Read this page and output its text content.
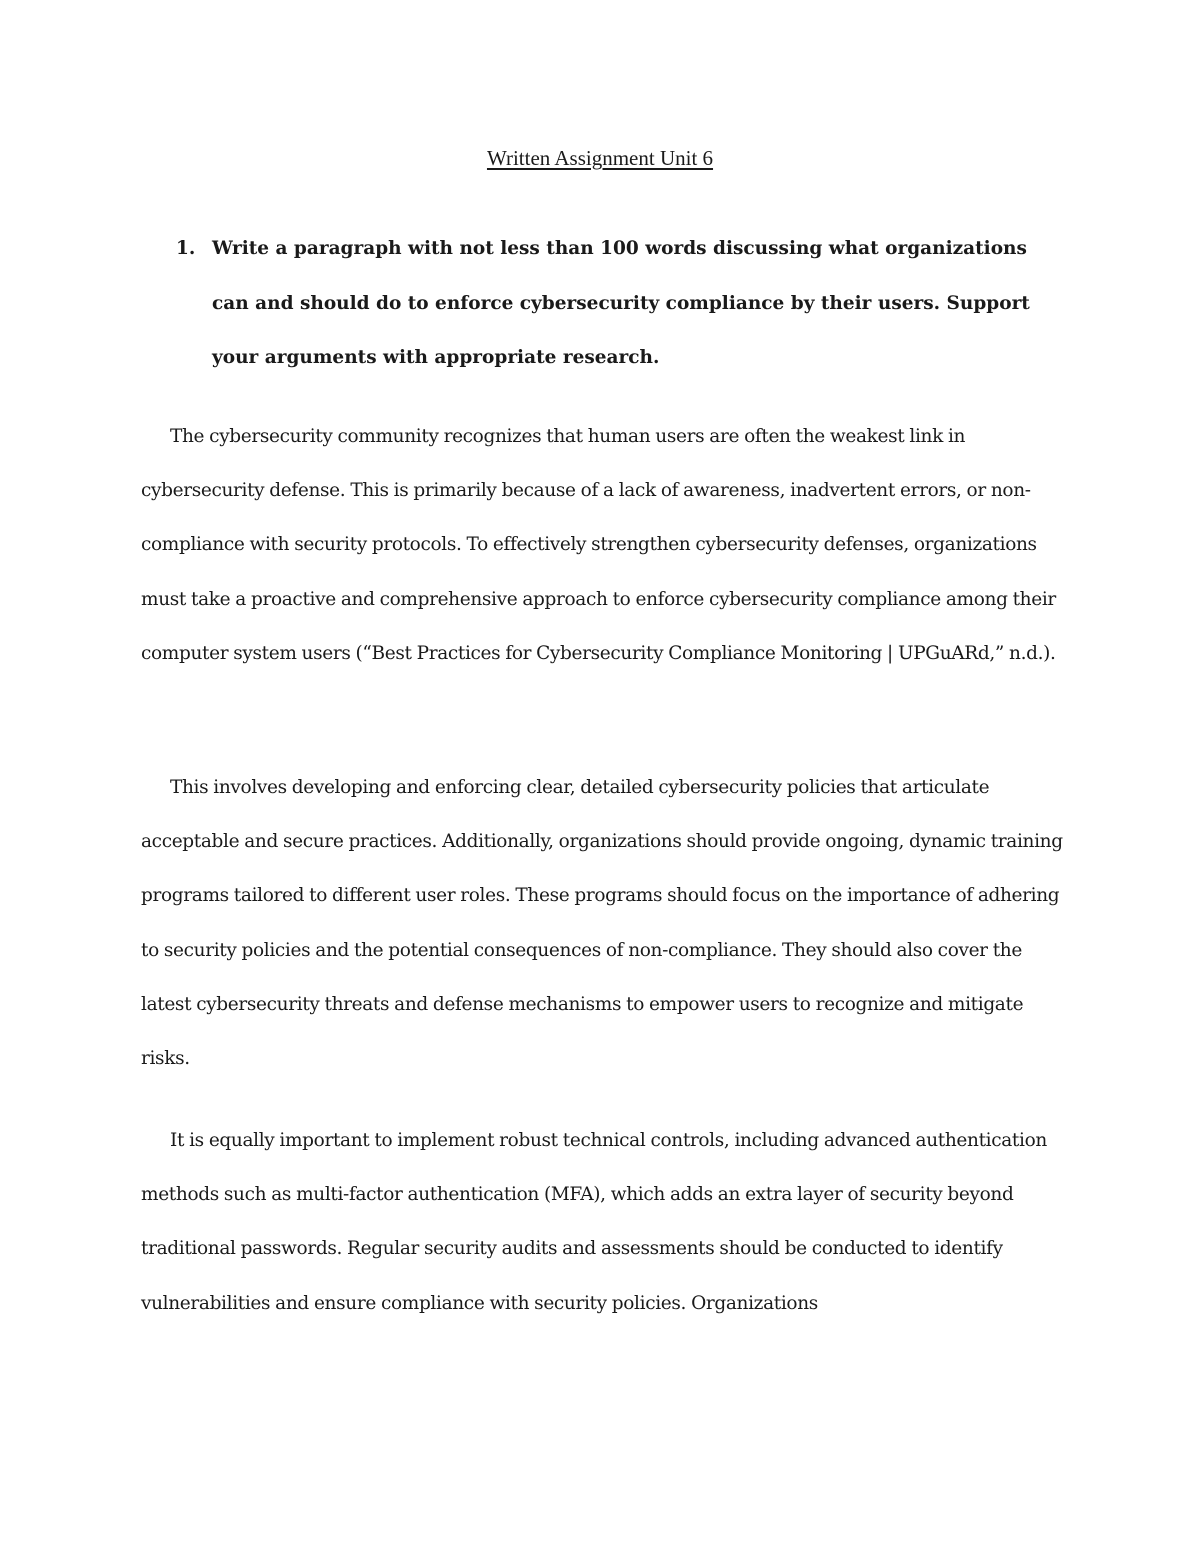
Written Assignment Unit 6
1. Write a paragraph with not less than 100 words discussing what organizations can and should do to enforce cybersecurity compliance by their users. Support your arguments with appropriate research.

The cybersecurity community recognizes that human users are often the weakest link in cybersecurity defense. This is primarily because of a lack of awareness, inadvertent errors, or non-compliance with security protocols. To effectively strengthen cybersecurity defenses, organizations must take a proactive and comprehensive approach to enforce cybersecurity compliance among their computer system users (“Best Practices for Cybersecurity Compliance Monitoring | UPGuARd,” n.d.).

This involves developing and enforcing clear, detailed cybersecurity policies that articulate acceptable and secure practices. Additionally, organizations should provide ongoing, dynamic training programs tailored to different user roles. These programs should focus on the importance of adhering to security policies and the potential consequences of non-compliance. They should also cover the latest cybersecurity threats and defense mechanisms to empower users to recognize and mitigate risks.

It is equally important to implement robust technical controls, including advanced authentication methods such as multi-factor authentication (MFA), which adds an extra layer of security beyond traditional passwords. Regular security audits and assessments should be conducted to identify vulnerabilities and ensure compliance with security policies. Organizations
